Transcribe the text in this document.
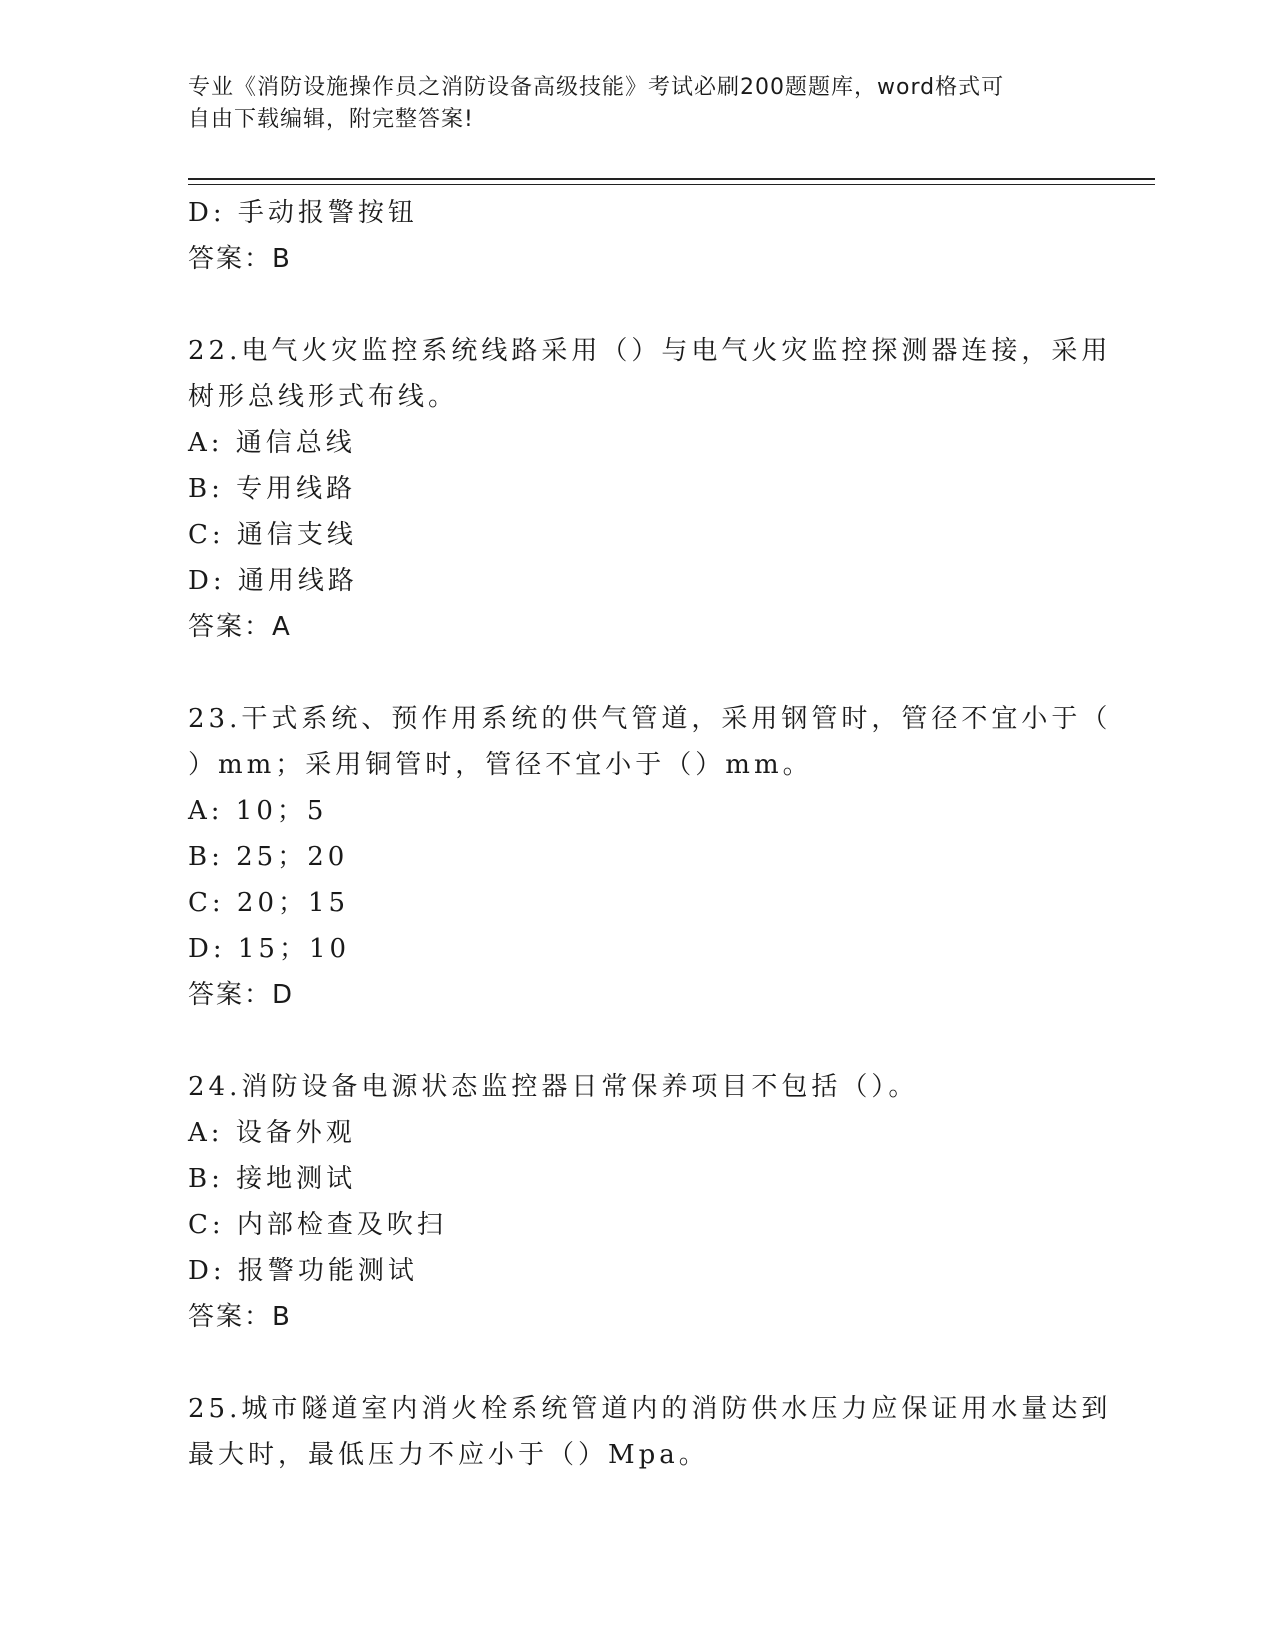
专业《消防设施操作员之消防设备高级技能》考试必刷200题题库，word格式可
自由下载编辑，附完整答案!
D: 手动报警按钮
答案：B
22.电气火灾监控系统线路采用（）与电气火灾监控探测器连接，采用
树形总线形式布线。
A: 通信总线
B: 专用线路
C: 通信支线
D: 通用线路
答案：A
23.干式系统、预作用系统的供气管道，采用钢管时，管径不宜小于（
）mm；采用铜管时，管径不宜小于（）mm。
A: 10；5
B: 25；20
C: 20；15
D: 15；10
答案：D
24.消防设备电源状态监控器日常保养项目不包括（）。
A: 设备外观
B: 接地测试
C: 内部检查及吹扫
D: 报警功能测试
答案：B
25.城市隧道室内消火栓系统管道内的消防供水压力应保证用水量达到
最大时，最低压力不应小于（）Mpa。
